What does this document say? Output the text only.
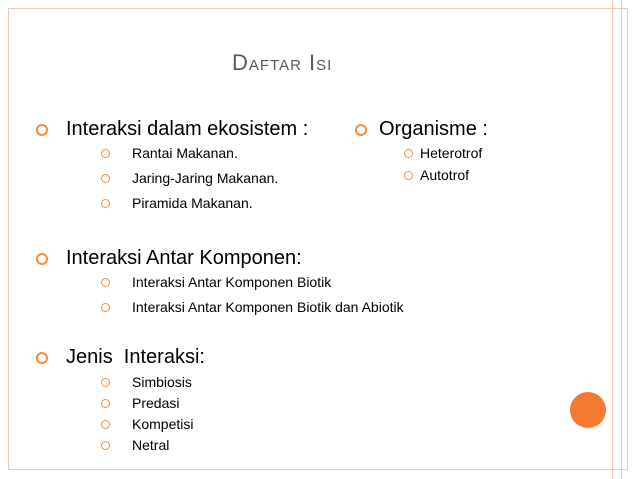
Daftar Isi
Interaksi dalam ekosistem :
Rantai Makanan.
Jaring-Jaring Makanan.
Piramida Makanan.
Organisme :
Heterotrof
Autotrof
Interaksi Antar Komponen:
Interaksi Antar Komponen Biotik
Interaksi Antar Komponen Biotik dan Abiotik
Jenis  Interaksi:
Simbiosis
Predasi
Kompetisi
Netral
